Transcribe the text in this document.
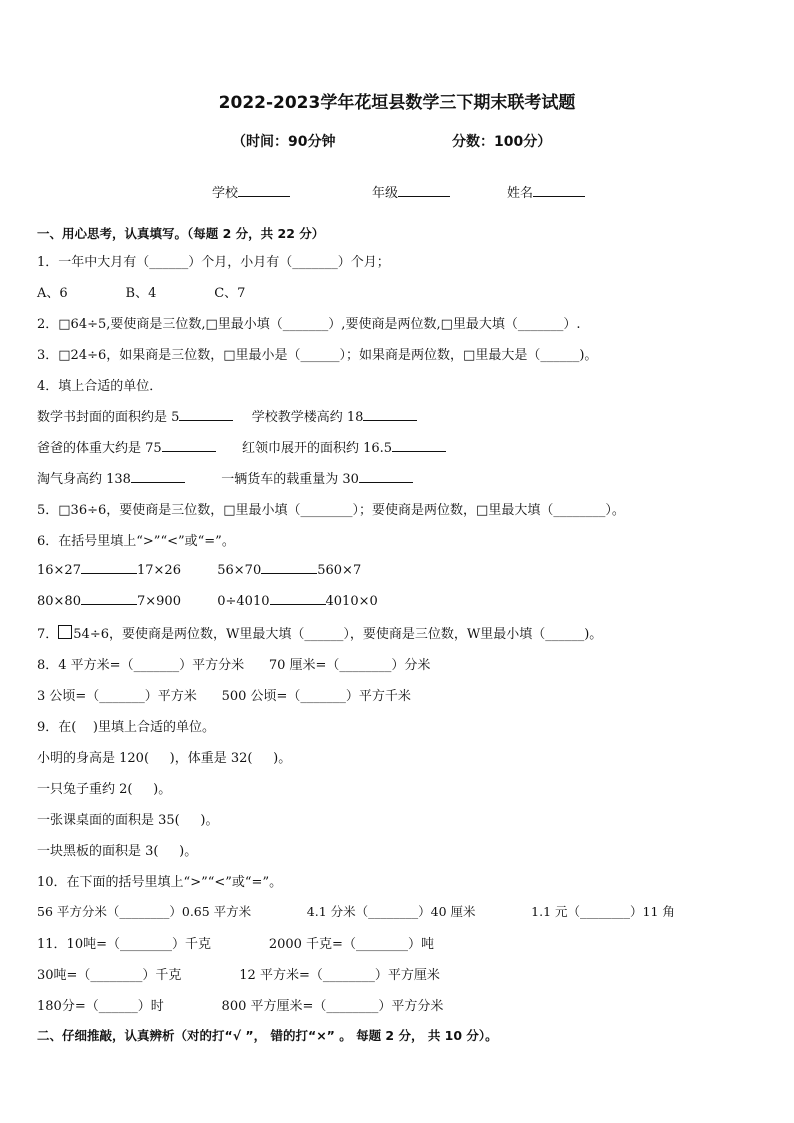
2022-2023学年花垣县数学三下期末联考试题
（时间：90分钟	分数：100分）
学校	年级	姓名
一、用心思考，认真填写。（每题 2 分，共 22 分）
1．一年中大月有（______）个月，小月有（_______）个月；
A、6              B、4              C、7
2．□64÷5,要使商是三位数,□里最小填（_______）,要使商是两位数,□里最大填（_______）.
3．□24÷6，如果商是三位数，□里最小是（______）；如果商是两位数，□里最大是（______)。
4．填上合适的单位．
数学书封面的面积约是 5	学校教学楼高约 18
爸爸的体重大约是 75	红领巾展开的面积约 16.5
淘气身高约 138	一辆货车的载重量为 30
5．□36÷6，要使商是三位数，□里最小填（________）；要使商是两位数，□里最大填（________）。
6．在括号里填上“>”“<”或“=”。
16×27	17×26	56×70	560×7
80×80	7×900	0÷4010	4010×0
7． 54÷6，要使商是两位数，W里最大填（______），要使商是三位数，W里最小填（______)。
8．4 平方米=（_______）平方分米      70 厘米=（________）分米
3 公顷=（_______）平方米      500 公顷=（_______）平方千米
9．在(    )里填上合适的单位。
小明的身高是 120(     )，体重是 32(     )。
一只兔子重约 2(     )。
一张课桌面的面积是 35(     )。
一块黑板的面积是 3(     )。
10．在下面的括号里填上“>”“<”或“=”。
56 平方分米（________）0.65 平方米              4.1 分米（________）40 厘米              1.1 元（________）11 角
11．10吨=（________）千克              2000 千克=（________）吨
30吨=（________）千克              12 平方米=（________）平方厘米
180分=（______）时              800 平方厘米=（________）平方分米
二、仔细推敲，认真辨析（对的打“√ ”， 错的打“×” 。 每题 2 分， 共 10 分）。
